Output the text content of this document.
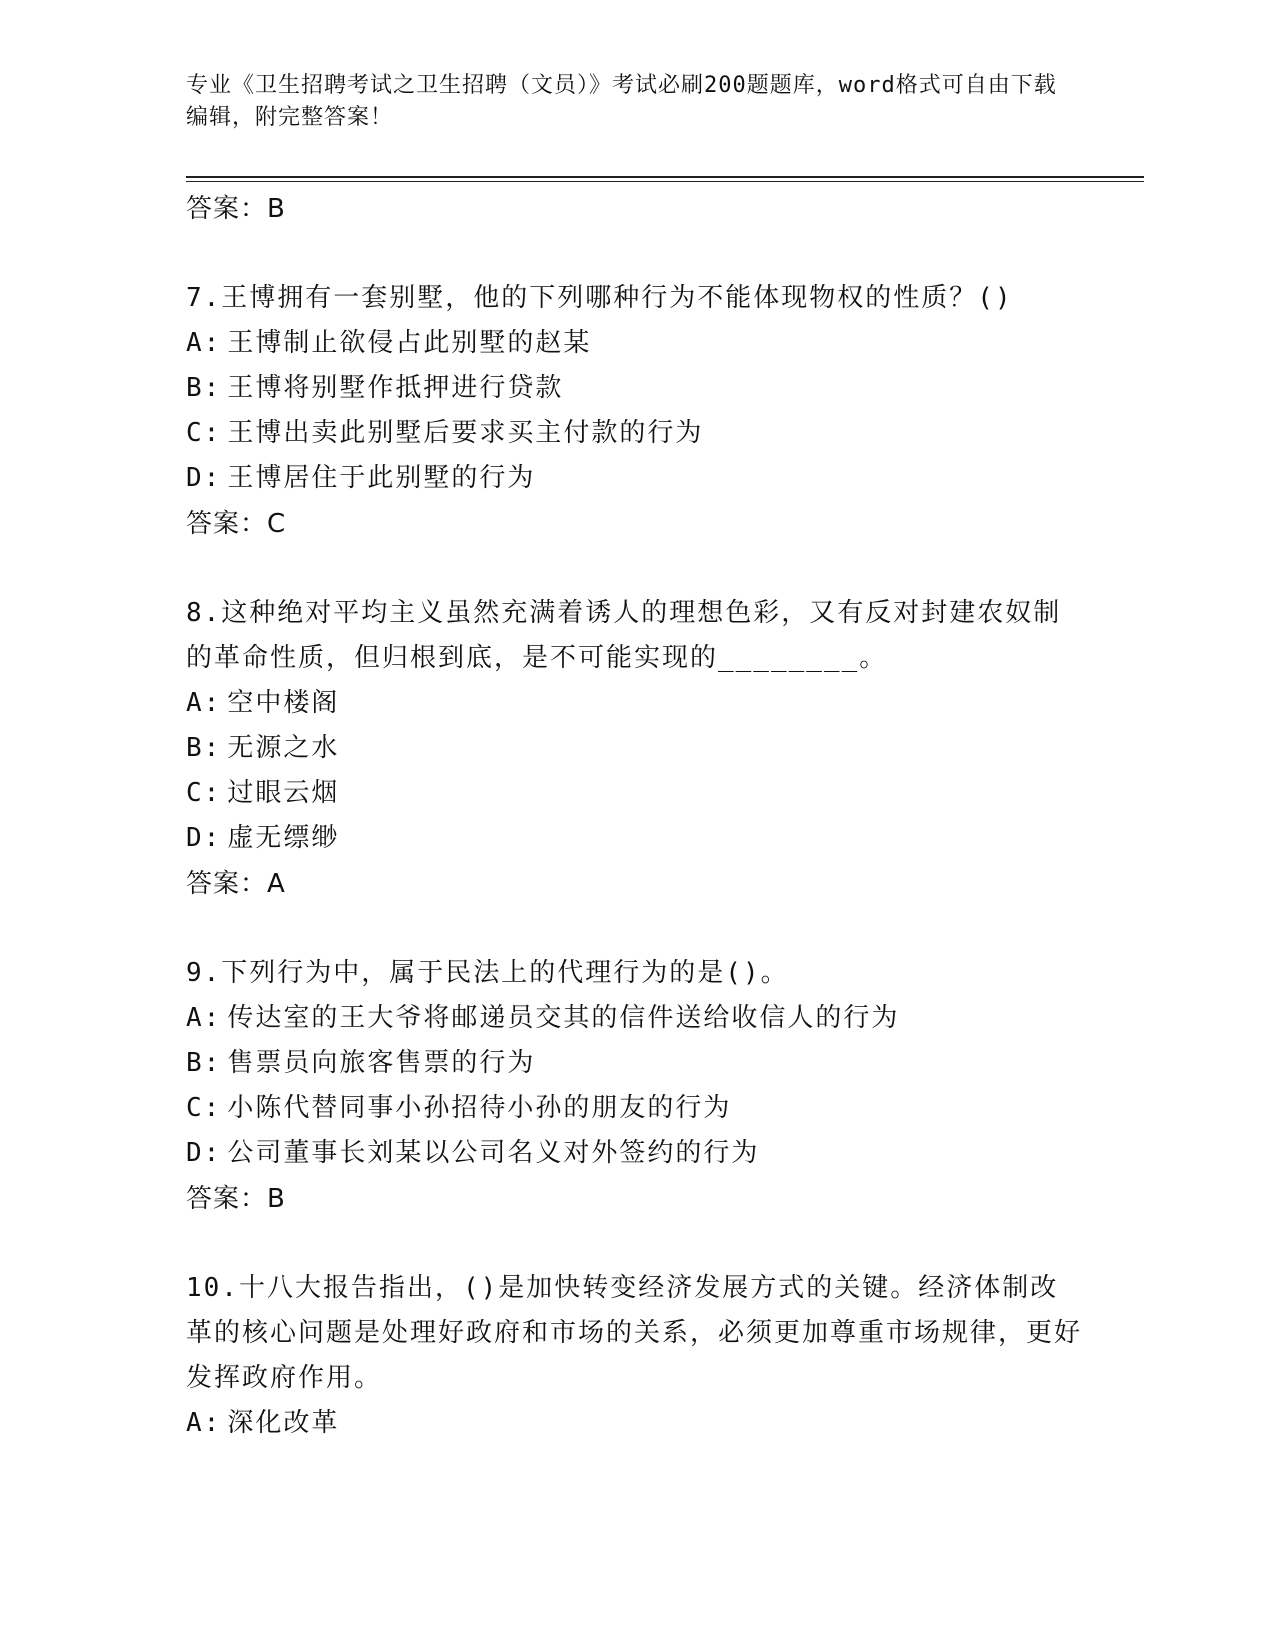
专业《卫生招聘考试之卫生招聘（文员）》考试必刷200题题库，word格式可自由下载编辑，附完整答案！
答案：B
7.王博拥有一套别墅，他的下列哪种行为不能体现物权的性质？()
A: 王博制止欲侵占此别墅的赵某
B: 王博将别墅作抵押进行贷款
C: 王博出卖此别墅后要求买主付款的行为
D: 王博居住于此别墅的行为
答案：C
8.这种绝对平均主义虽然充满着诱人的理想色彩，又有反对封建农奴制的革命性质，但归根到底，是不可能实现的________。
A: 空中楼阁
B: 无源之水
C: 过眼云烟
D: 虚无缥缈
答案：A
9.下列行为中，属于民法上的代理行为的是()。
A: 传达室的王大爷将邮递员交其的信件送给收信人的行为
B: 售票员向旅客售票的行为
C: 小陈代替同事小孙招待小孙的朋友的行为
D: 公司董事长刘某以公司名义对外签约的行为
答案：B
10.十八大报告指出，()是加快转变经济发展方式的关键。经济体制改革的核心问题是处理好政府和市场的关系，必须更加尊重市场规律，更好发挥政府作用。
A: 深化改革
